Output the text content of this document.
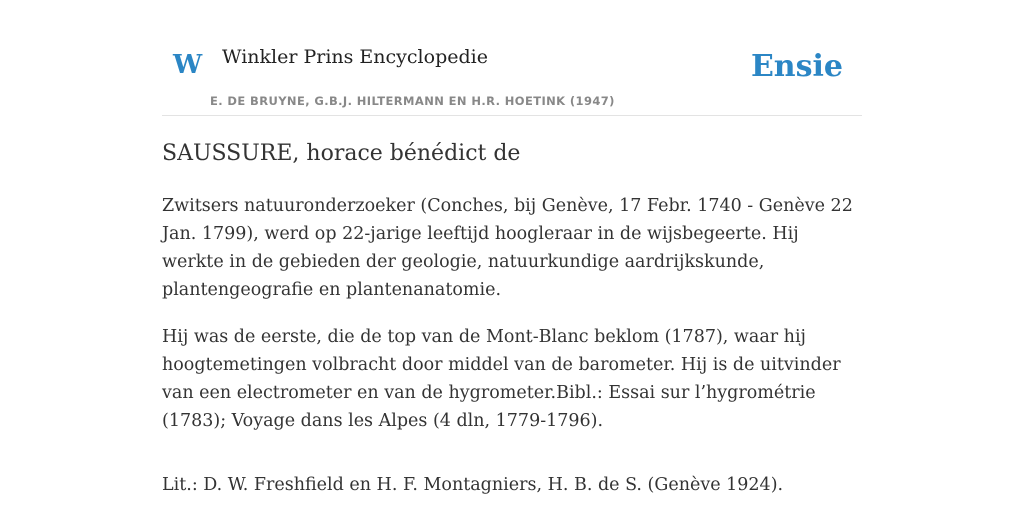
W Winkler Prins Encyclopedie
E. DE BRUYNE, G.B.J. HILTERMANN EN H.R. HOETINK (1947)
Ensie
SAUSSURE, horace bénédict de

Zwitsers natuuronderzoeker (Conches, bij Genève, 17 Febr. 1740 - Genève 22 Jan. 1799), werd op 22-jarige leeftijd hoogleraar in de wijsbegeerte. Hij werkte in de gebieden der geologie, natuurkundige aardrijkskunde, plantengeografie en plantenanatomie.

Hij was de eerste, die de top van de Mont-Blanc beklom (1787), waar hij hoogtemetingen volbracht door middel van de barometer. Hij is de uitvinder van een electrometer en van de hygrometer.Bibl.: Essai sur l’hygrométrie (1783); Voyage dans les Alpes (4 dln, 1779-1796).

Lit.: D. W. Freshfield en H. F. Montagniers, H. B. de S. (Genève 1924).
